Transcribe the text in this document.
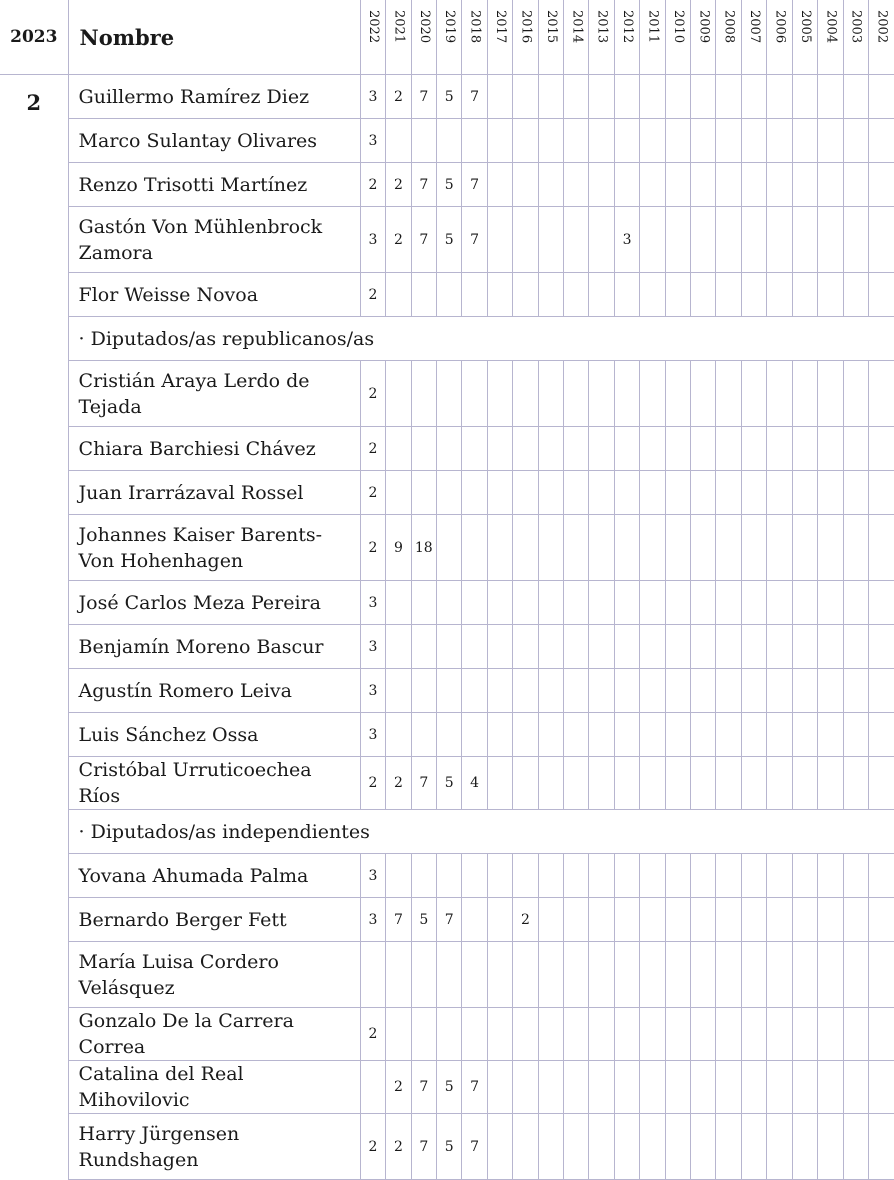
2023	Nombre	2022	2021	2020	2019	2018	2017	2016	2015	2014	2013	2012	2011	2010	2009	2008	2007	2006	2005	2004	2003	2002

2	Guillermo Ramírez Diez	3	2	7	5	7																
	Marco Sulantay Olivares	3																				
	Renzo Trisotti Martínez	2	2	7	5	7																
	Gastón Von Mühlenbrock Zamora	3	2	7	5	7						3										
	Flor Weisse Novoa	2																				
	· Diputados/as republicanos/as																					
	Cristián Araya Lerdo de Tejada	2																				
	Chiara Barchiesi Chávez	2																				
	Juan Irarrázaval Rossel	2																				
	Johannes Kaiser Barents-Von Hohenhagen	2	9	18																		
	José Carlos Meza Pereira	3																				
	Benjamín Moreno Bascur	3																				
	Agustín Romero Leiva	3																				
	Luis Sánchez Ossa	3																				
	Cristóbal Urruticoechea Ríos	2	2	7	5	4																
	· Diputados/as independientes																					
	Yovana Ahumada Palma	3																				
	Bernardo Berger Fett	3	7	5	7			2														
	María Luisa Cordero Velásquez																					
	Gonzalo De la Carrera Correa	2																				
	Catalina del Real Mihovilovic		2	7	5	7																
	Harry Jürgensen Rundshagen	2	2	7	5	7																
